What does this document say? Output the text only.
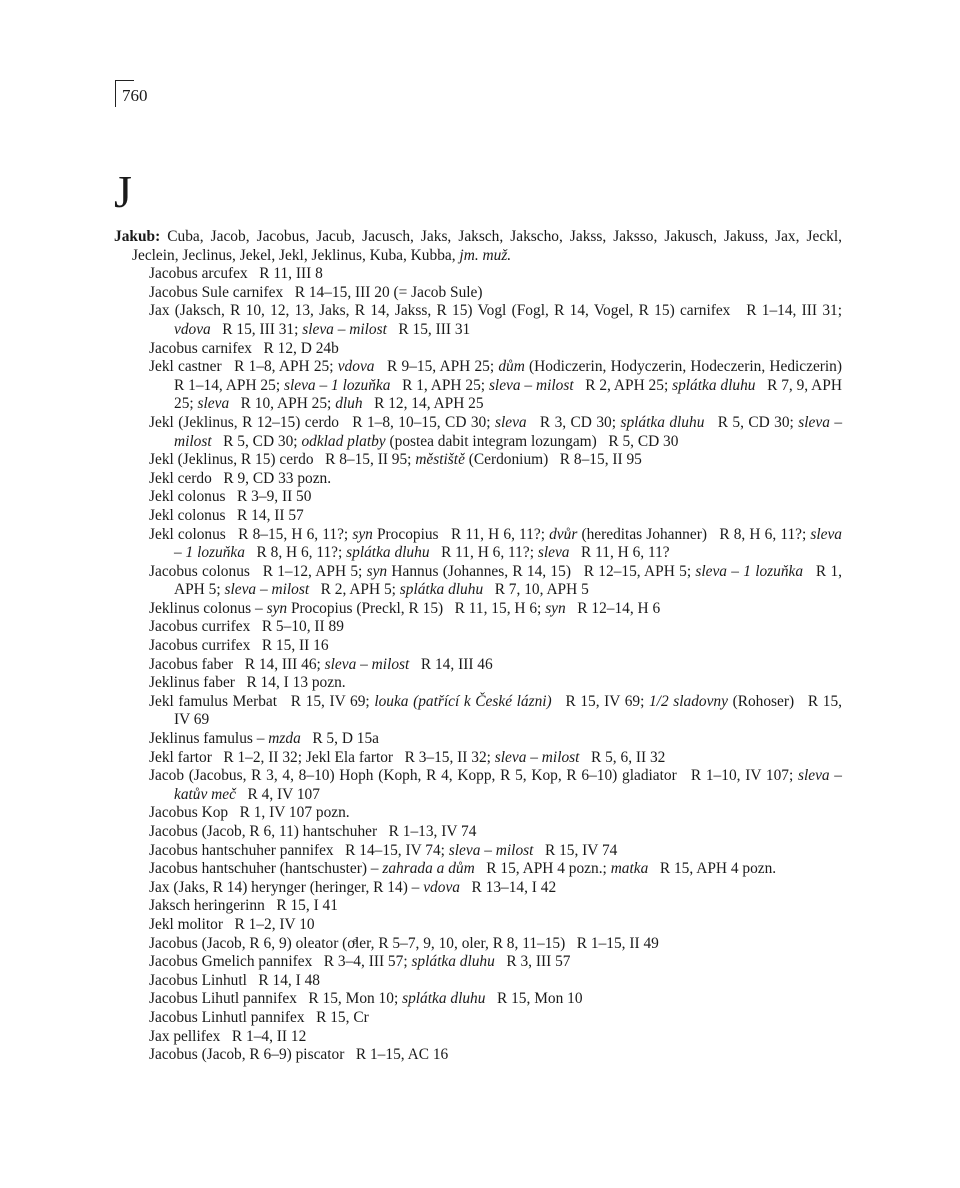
760
J
Jakub: Cuba, Jacob, Jacobus, Jacub, Jacusch, Jaks, Jaksch, Jakscho, Jakss, Jaksso, Jakusch, Jakuss, Jax, Jeckl, Jeclein, Jeclinus, Jekel, Jekl, Jeklinus, Kuba, Kubba, jm. muž.
Jacobus arcufex   R 11, III 8
Jacobus Sule carnifex   R 14–15, III 20 (= Jacob Sule)
Jax (Jaksch, R 10, 12, 13, Jaks, R 14, Jakss, R 15) Vogl (Fogl, R 14, Vogel, R 15) carnifex   R 1–14, III 31; vdova   R 15, III 31; sleva – milost   R 15, III 31
Jacobus carnifex   R 12, D 24b
Jekl castner   R 1–8, APH 25; vdova   R 9–15, APH 25; dům (Hodiczerin, Hodyczerin, Hodeczerin, Hediczerin)   R 1–14, APH 25; sleva – 1 lozuňka   R 1, APH 25; sleva – milost   R 2, APH 25; splátka dluhu   R 7, 9, APH 25; sleva   R 10, APH 25; dluh   R 12, 14, APH 25
Jekl (Jeklinus, R 12–15) cerdo   R 1–8, 10–15, CD 30; sleva   R 3, CD 30; splátka dluhu   R 5, CD 30; sleva – milost   R 5, CD 30; odklad platby (postea dabit integram lozungam)   R 5, CD 30
Jekl (Jeklinus, R 15) cerdo   R 8–15, II 95; městiště (Cerdonium)   R 8–15, II 95
Jekl cerdo   R 9, CD 33 pozn.
Jekl colonus   R 3–9, II 50
Jekl colonus   R 14, II 57
Jekl colonus   R 8–15, H 6, 11?; syn Procopius   R 11, H 6, 11?; dvůr (hereditas Johanner)   R 8, H 6, 11?; sleva – 1 lozuňka   R 8, H 6, 11?; splátka dluhu   R 11, H 6, 11?; sleva   R 11, H 6, 11?
Jacobus colonus   R 1–12, APH 5; syn Hannus (Johannes, R 14, 15)   R 12–15, APH 5; sleva – 1 lozuňka   R 1, APH 5; sleva – milost   R 2, APH 5; splátka dluhu   R 7, 10, APH 5
Jeklinus colonus – syn Procopius (Preckl, R 15)   R 11, 15, H 6; syn   R 12–14, H 6
Jacobus currifex   R 5–10, II 89
Jacobus currifex   R 15, II 16
Jacobus faber   R 14, III 46; sleva – milost   R 14, III 46
Jeklinus faber   R 14, I 13 pozn.
Jekl famulus Merbat   R 15, IV 69; louka (patřící k České lázni)   R 15, IV 69; 1/2 sladovny (Rohoser)   R 15, IV 69
Jeklinus famulus – mzda   R 5, D 15a
Jekl fartor   R 1–2, II 32; Jekl Ela fartor   R 3–15, II 32; sleva – milost   R 5, 6, II 32
Jacob (Jacobus, R 3, 4, 8–10) Hoph (Koph, R 4, Kopp, R 5, Kop, R 6–10) gladiator   R 1–10, IV 107; sleva – katův meč   R 4, IV 107
Jacobus Kop   R 1, IV 107 pozn.
Jacobus (Jacob, R 6, 11) hantschuher   R 1–13, IV 74
Jacobus hantschuher pannifex   R 14–15, IV 74; sleva – milost   R 15, IV 74
Jacobus hantschuher (hantschuster) – zahrada a dům   R 15, APH 4 pozn.; matka   R 15, APH 4 pozn.
Jax (Jaks, R 14) herynger (heringer, R 14) – vdova   R 13–14, I 42
Jaksch heringerinn   R 15, I 41
Jekl molitor   R 1–2, IV 10
Jacobus (Jacob, R 6, 9) oleator (oͤler, R 5–7, 9, 10, oler, R 8, 11–15)   R 1–15, II 49
Jacobus Gmelich pannifex   R 3–4, III 57; splátka dluhu   R 3, III 57
Jacobus Linhutl   R 14, I 48
Jacobus Lihutl pannifex   R 15, Mon 10; splátka dluhu   R 15, Mon 10
Jacobus Linhutl pannifex   R 15, Cr
Jax pellifex   R 1–4, II 12
Jacobus (Jacob, R 6–9) piscator   R 1–15, AC 16
